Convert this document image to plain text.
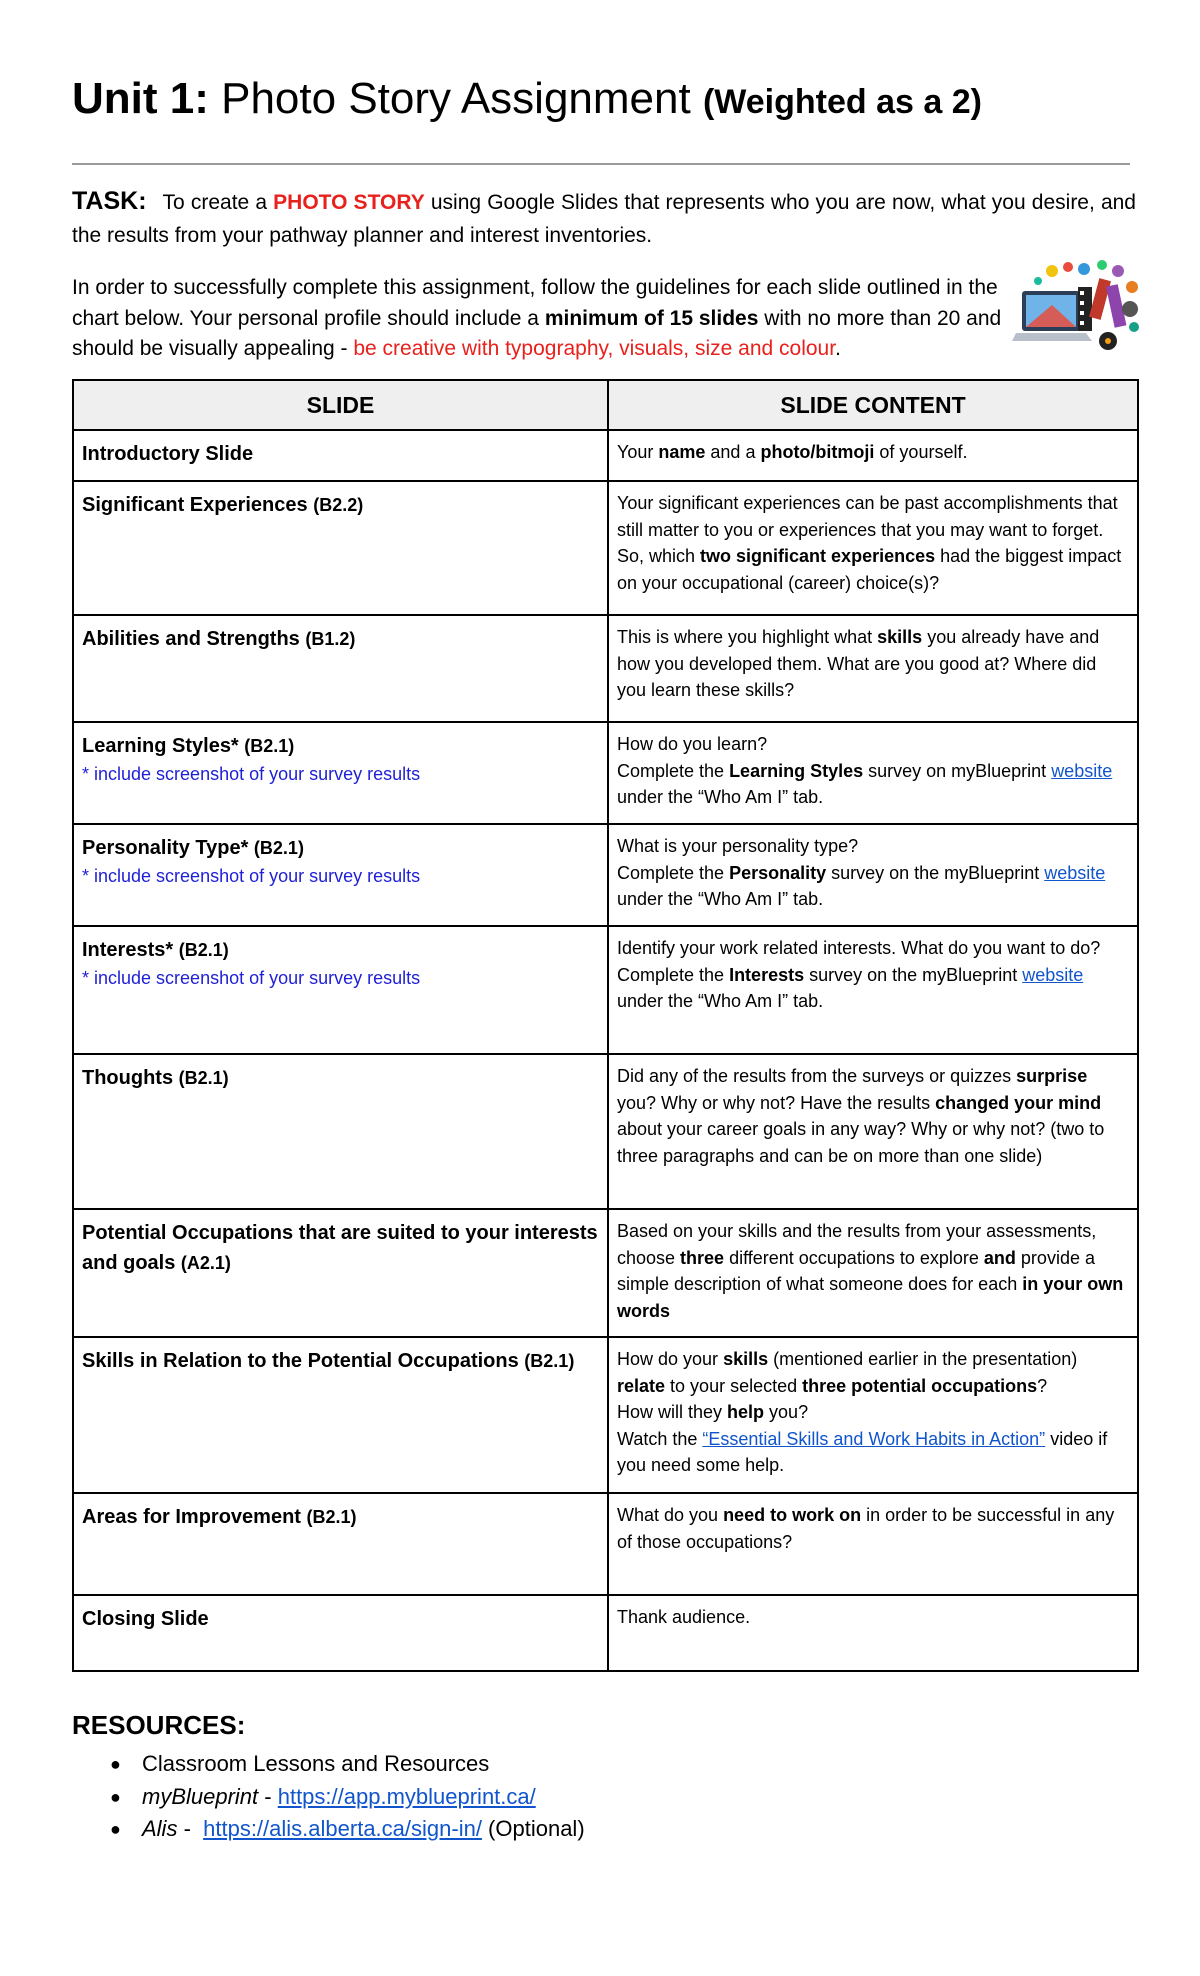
Unit 1: Photo Story Assignment (Weighted as a 2)

TASK: To create a PHOTO STORY using Google Slides that represents who you are now, what you desire, and the results from your pathway planner and interest inventories.

In order to successfully complete this assignment, follow the guidelines for each slide outlined in the chart below. Your personal profile should include a minimum of 15 slides with no more than 20 and should be visually appealing - be creative with typography, visuals, size and colour.

SLIDE	SLIDE CONTENT
Introductory Slide	Your name and a photo/bitmoji of yourself.
Significant Experiences (B2.2)	Your significant experiences can be past accomplishments that still matter to you or experiences that you may want to forget. So, which two significant experiences had the biggest impact on your occupational (career) choice(s)?
Abilities and Strengths (B1.2)	This is where you highlight what skills you already have and how you developed them. What are you good at? Where did you learn these skills?
Learning Styles* (B2.1)
* include screenshot of your survey results	How do you learn?
Complete the Learning Styles survey on myBlueprint website under the “Who Am I” tab.
Personality Type* (B2.1)
* include screenshot of your survey results	What is your personality type?
Complete the Personality survey on the myBlueprint website under the “Who Am I” tab.
Interests* (B2.1)
* include screenshot of your survey results	Identify your work related interests. What do you want to do?
Complete the Interests survey on the myBlueprint website under the “Who Am I” tab.
Thoughts (B2.1)	Did any of the results from the surveys or quizzes surprise you? Why or why not? Have the results changed your mind about your career goals in any way? Why or why not? (two to three paragraphs and can be on more than one slide)
Potential Occupations that are suited to your interests and goals (A2.1)	Based on your skills and the results from your assessments, choose three different occupations to explore and provide a simple description of what someone does for each in your own words
Skills in Relation to the Potential Occupations (B2.1)	How do your skills (mentioned earlier in the presentation) relate to your selected three potential occupations?
How will they help you?
Watch the “Essential Skills and Work Habits in Action” video if you need some help.
Areas for Improvement (B2.1)	What do you need to work on in order to be successful in any of those occupations?
Closing Slide	Thank audience.
RESOURCES:
● Classroom Lessons and Resources
● myBlueprint - https://app.myblueprint.ca/
● Alis -  https://alis.alberta.ca/sign-in/ (Optional)
